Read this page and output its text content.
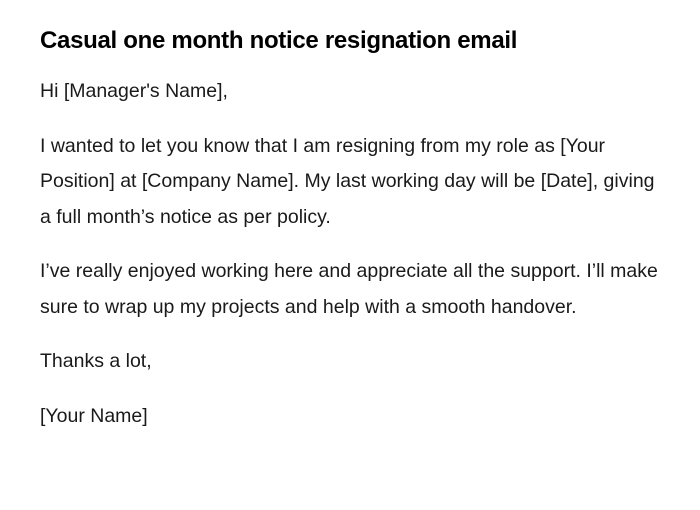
Casual one month notice resignation email

Hi [Manager's Name],

I wanted to let you know that I am resigning from my role as [Your Position] at [Company Name]. My last working day will be [Date], giving a full month’s notice as per policy.

I’ve really enjoyed working here and appreciate all the support. I’ll make sure to wrap up my projects and help with a smooth handover.

Thanks a lot,

[Your Name]
